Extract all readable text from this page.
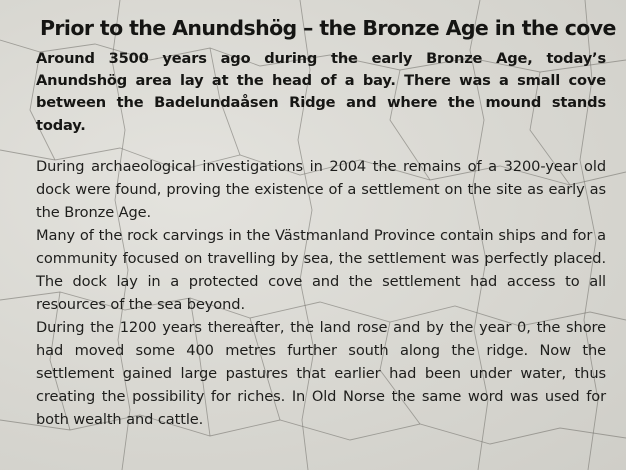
Prior to the Anundshög – the Bronze Age in the cove

Around 3500 years ago during the early Bronze Age, today’s Anundshög area lay at the head of a bay. There was a small cove between the Badelundaåsen Ridge and where the mound stands today.

During archaeological investigations in 2004 the remains of a 3200-year old dock were found, proving the existence of a settlement on the site as early as the Bronze Age.

Many of the rock carvings in the Västmanland Province contain ships and for a community focused on travelling by sea, the settlement was perfectly placed. The dock lay in a protected cove and the settlement had access to all resources of the sea beyond.

During the 1200 years thereafter, the land rose and by the year 0, the shore had moved some 400 metres further south along the ridge. Now the settlement gained large pastures that earlier had been under water, thus creating the possibility for riches. In Old Norse the same word was used for both wealth and cattle.
